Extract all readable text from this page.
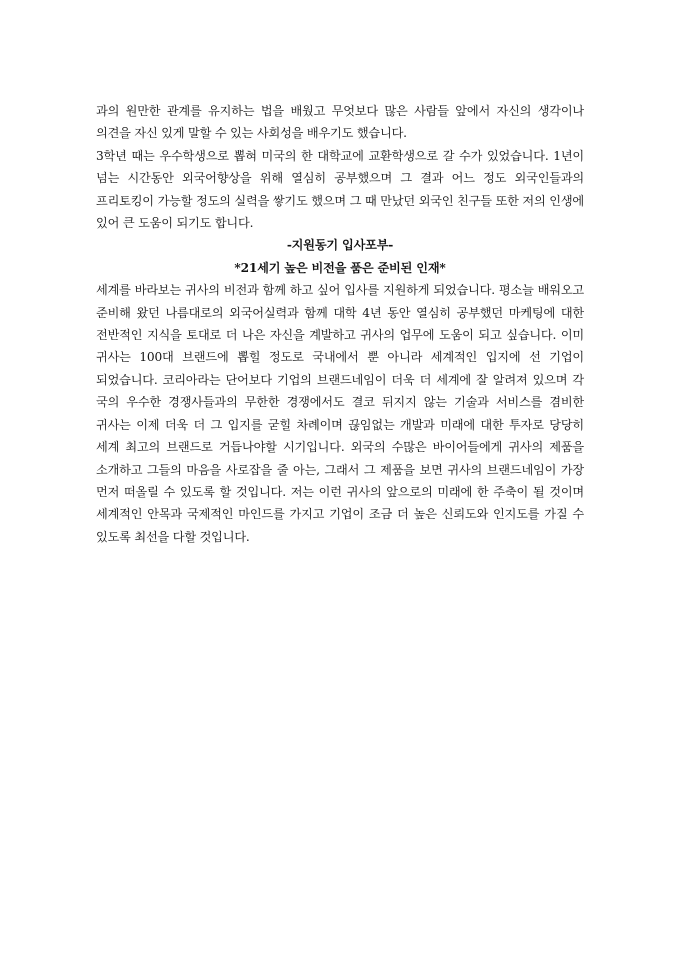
과의 원만한 관계를 유지하는 법을 배웠고 무엇보다 많은 사람들 앞에서 자신의 생각이나 의견을 자신 있게 말할 수 있는 사회성을 배우기도 했습니다.

3학년 때는 우수학생으로 뽑혀 미국의 한 대학교에 교환학생으로 갈 수가 있었습니다. 1년이 넘는 시간동안 외국어향상을 위해 열심히 공부했으며 그 결과 어느 정도 외국인들과의 프리토킹이 가능할 정도의 실력을 쌓기도 했으며 그 때 만났던 외국인 친구들 또한 저의 인생에 있어 큰 도움이 되기도 합니다.

-지원동기 입사포부-

*21세기 높은 비전을 품은 준비된 인재*

세계를 바라보는 귀사의 비전과 함께 하고 싶어 입사를 지원하게 되었습니다. 평소늘 배워오고 준비해 왔던 나름대로의 외국어실력과 함께 대학 4년 동안 열심히 공부했던 마케팅에 대한 전반적인 지식을 토대로 더 나은 자신을 계발하고 귀사의 업무에 도움이 되고 싶습니다. 이미 귀사는 100대 브랜드에 뽑힐 정도로 국내에서 뿐 아니라 세계적인 입지에 선 기업이 되었습니다. 코리아라는 단어보다 기업의 브랜드네임이 더욱 더 세계에 잘 알려져 있으며 각 국의 우수한 경쟁사들과의 무한한 경쟁에서도 결코 뒤지지 않는 기술과 서비스를 겸비한 귀사는 이제 더욱 더 그 입지를 굳힐 차례이며 끊임없는 개발과 미래에 대한 투자로 당당히 세계 최고의 브랜드로 거듭나야할 시기입니다. 외국의 수많은 바이어들에게 귀사의 제품을 소개하고 그들의 마음을 사로잡을 줄 아는, 그래서 그 제품을 보면 귀사의 브랜드네임이 가장 먼저 떠올릴 수 있도록 할 것입니다. 저는 이런 귀사의 앞으로의 미래에 한 주축이 될 것이며 세계적인 안목과 국제적인 마인드를 가지고 기업이 조금 더 높은 신뢰도와 인지도를 가질 수 있도록 최선을 다할 것입니다.
